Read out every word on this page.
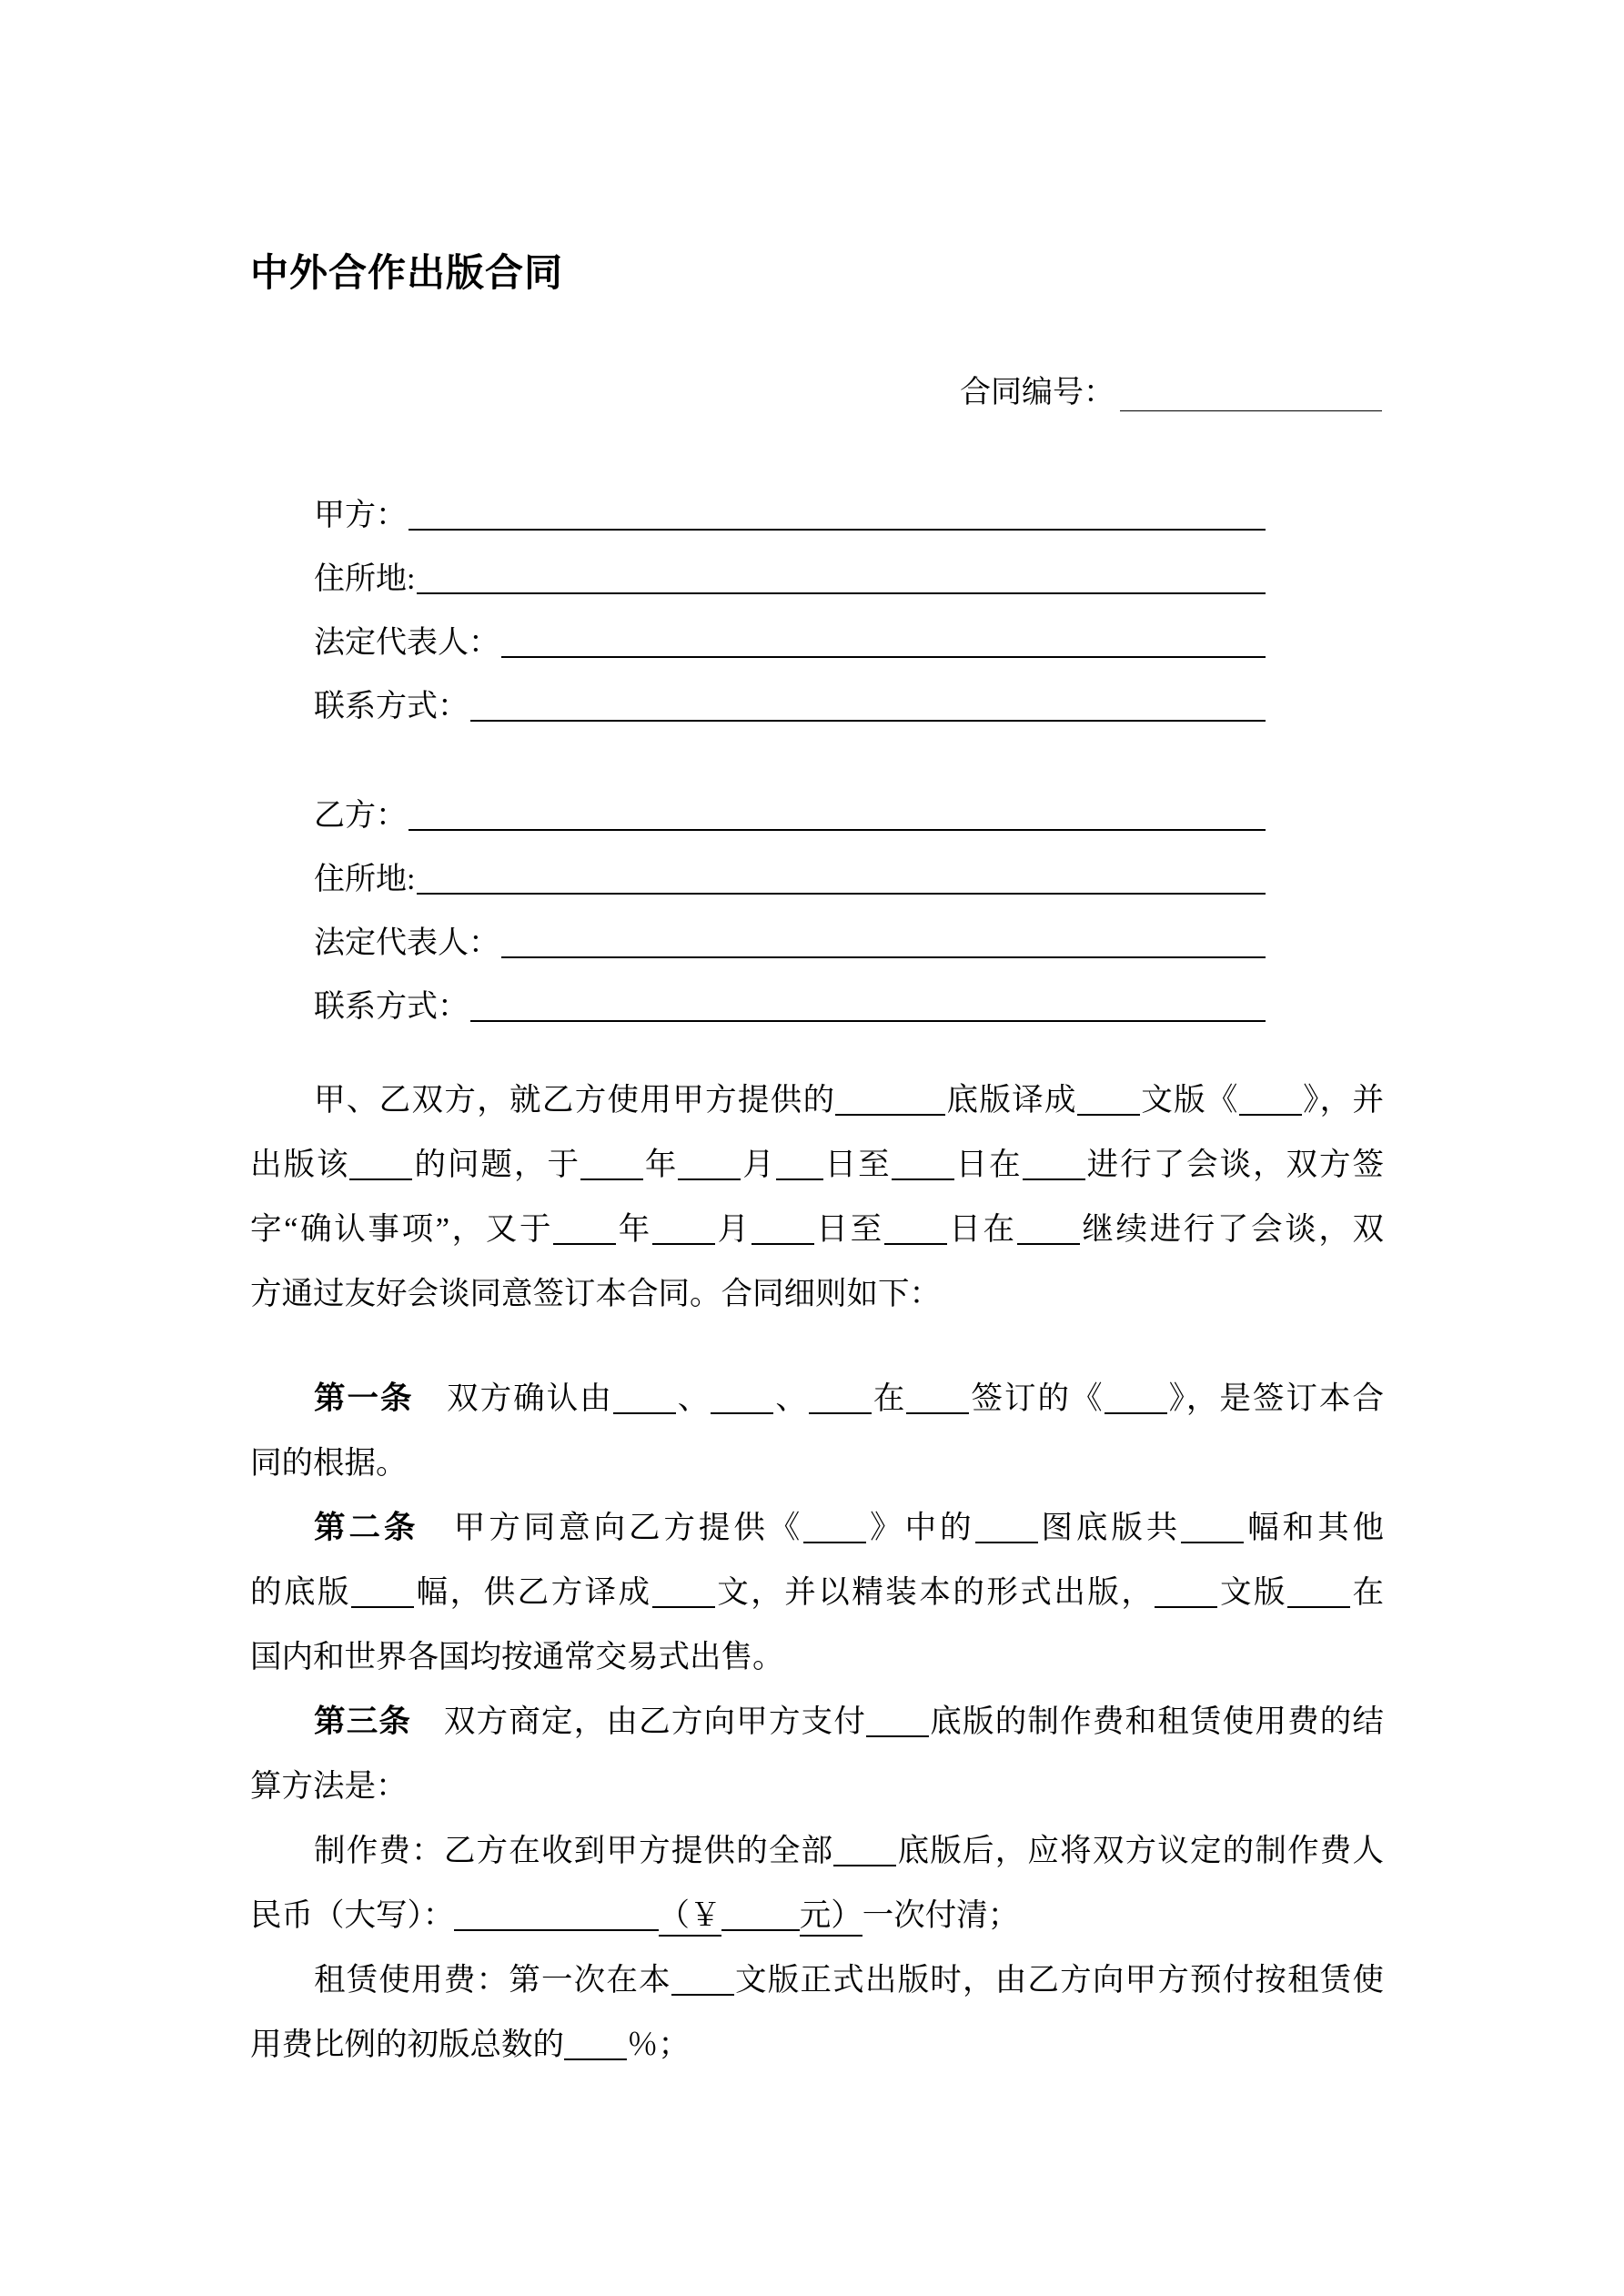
中外合作出版合同
合同编号：
甲方：
住所地:
法定代表人：
联系方式：
乙方：
住所地:
法定代表人：
联系方式：
甲、乙双方，就乙方使用甲方提供的	底版译成 文版《 》，并
出版该 的问题，于 年 月 日至 日在 进行了会谈，双方签
字“确认事项”，又于 年 月 日至 日在 继续进行了会谈，双
方通过友好会谈同意签订本合同。合同细则如下：
第一条　双方确认由 、 、 在 签订的《 》，是签订本合
同的根据。
第二条　甲方同意向乙方提供《 》中的 图底版共 幅和其他
的底版 幅，供乙方译成 文，并以精装本的形式出版， 文版 在
国内和世界各国均按通常交易式出售。
第三条　双方商定，由乙方向甲方支付 底版的制作费和租赁使用费的结
算方法是：
制作费：乙方在收到甲方提供的全部 底版后，应将双方议定的制作费人
民币（大写）：	（￥	元）一次付清；
租赁使用费：第一次在本 文版正式出版时，由乙方向甲方预付按租赁使
用费比例的初版总数的 ％；
